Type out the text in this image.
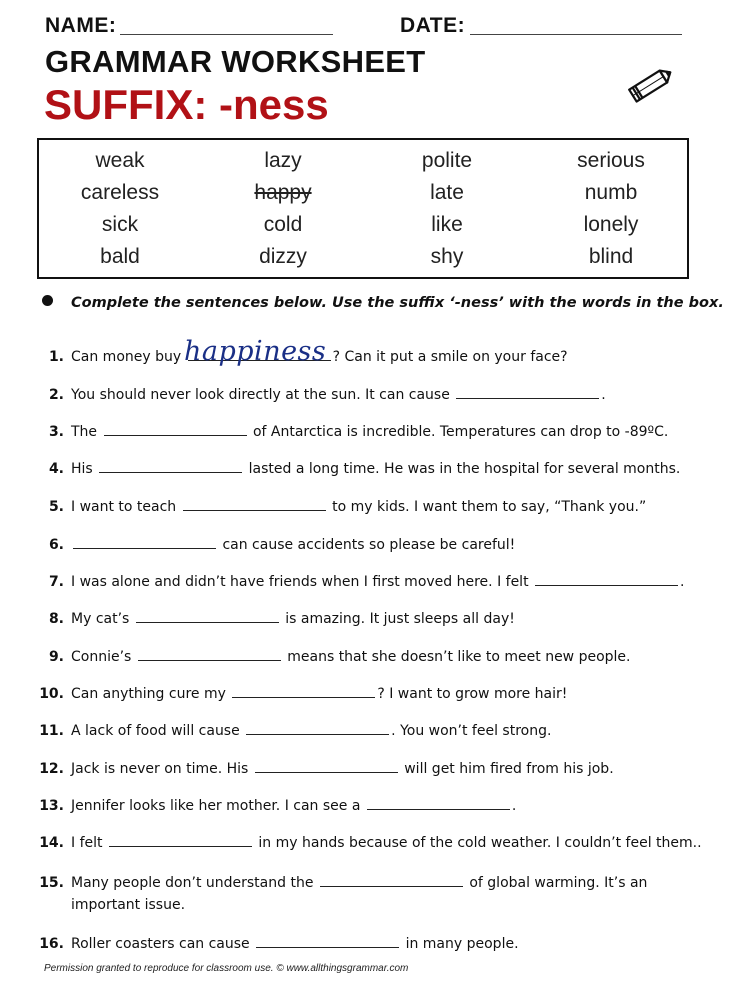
NAME:	DATE:
GRAMMAR WORKSHEET
SUFFIX: -ness
weak	lazy	polite	serious
careless	happy	late	numb
sick	cold	like	lonely
bald	dizzy	shy	blind
Complete the sentences below. Use the suffix ‘-ness’ with the words in the box.
1. Can money buy	? Can it put a smile on your face?
2. You should never look directly at the sun. It can cause	.
3. The	of Antarctica is incredible. Temperatures can drop to -89ºC.
4. His	lasted a long time. He was in the hospital for several months.
5. I want to teach	to my kids. I want them to say, “Thank you.”
6.	can cause accidents so please be careful!
7. I was alone and didn’t have friends when I first moved here. I felt	.
8. My cat’s	is amazing. It just sleeps all day!
9. Connie’s	means that she doesn’t like to meet new people.
10. Can anything cure my	? I want to grow more hair!
11. A lack of food will cause	. You won’t feel strong.
12. Jack is never on time. His	will get him fired from his job.
13. Jennifer looks like her mother. I can see a	.
14. I felt	in my hands because of the cold weather. I couldn’t feel them..
15. Many people don’t understand the	of global warming. It’s an
important issue.
16. Roller coasters can cause	in many people.
happiness
Permission granted to reproduce for classroom use. © www.allthingsgrammar.com
